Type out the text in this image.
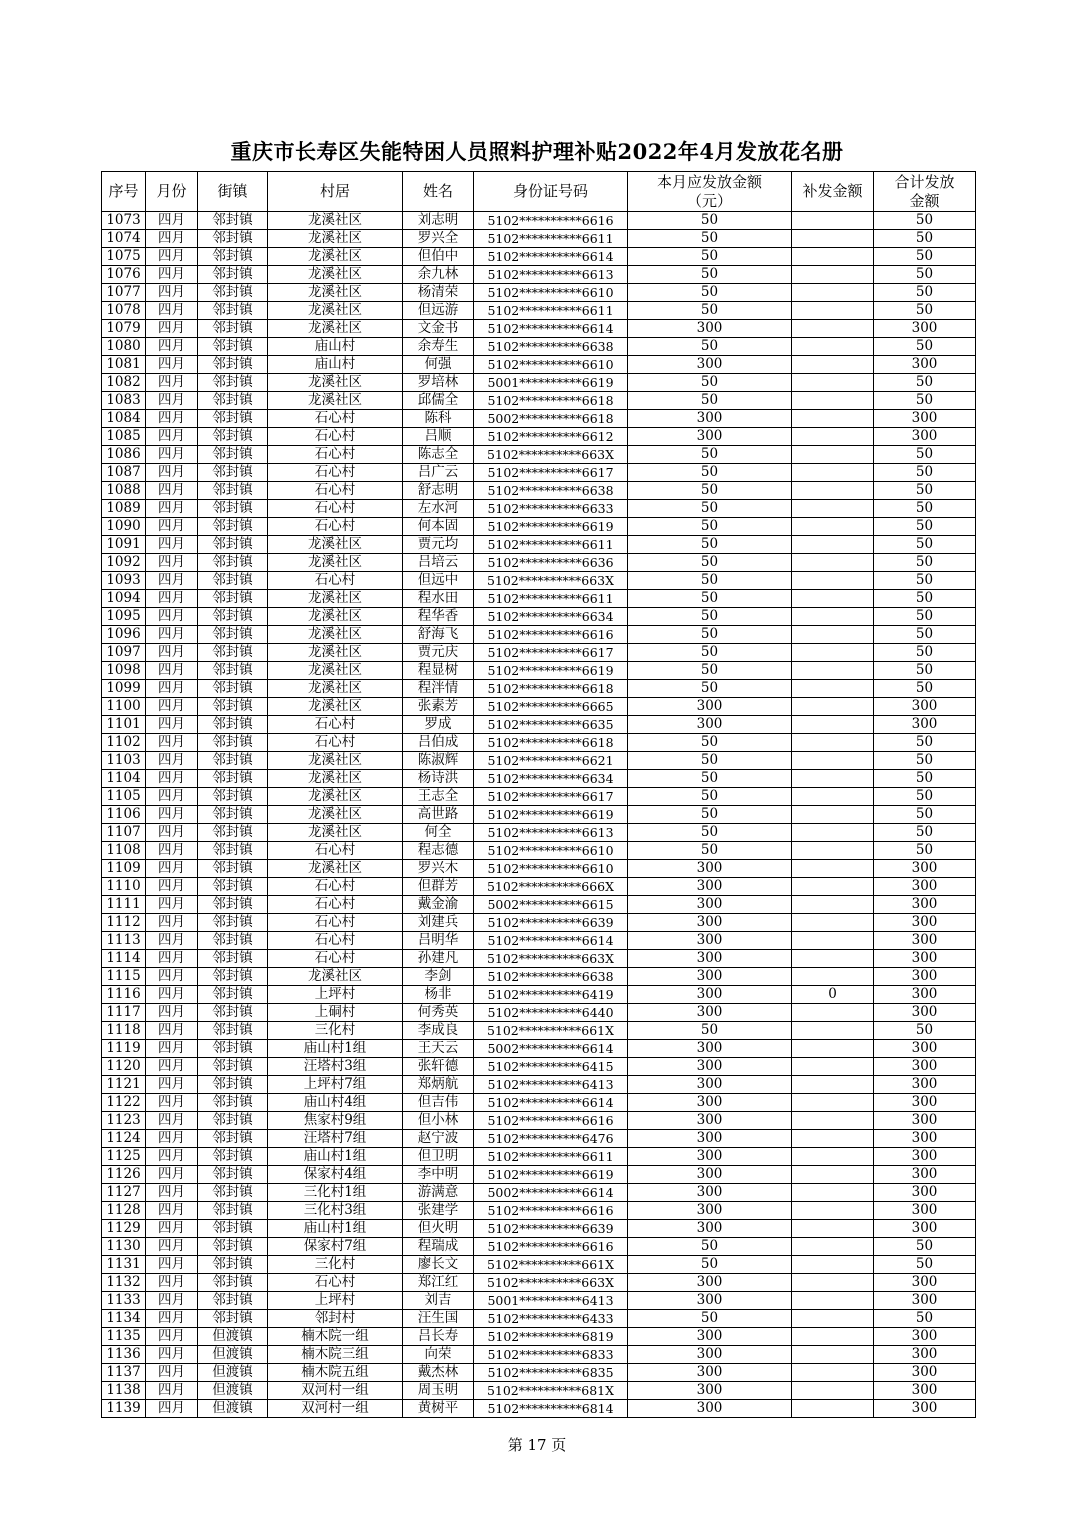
重庆市长寿区失能特困人员照料护理补贴2022年4月发放花名册
序号	月份	街镇	村居	姓名	身份证号码	本月应发放金额（元）	补发金额	合计发放金额
1073	四月	邻封镇	龙溪社区	刘志明	5102**********6616	50		50
1074	四月	邻封镇	龙溪社区	罗兴全	5102**********6611	50		50
1075	四月	邻封镇	龙溪社区	但伯中	5102**********6614	50		50
1076	四月	邻封镇	龙溪社区	余九林	5102**********6613	50		50
1077	四月	邻封镇	龙溪社区	杨清荣	5102**********6610	50		50
1078	四月	邻封镇	龙溪社区	但远游	5102**********6611	50		50
1079	四月	邻封镇	龙溪社区	文金书	5102**********6614	300		300
1080	四月	邻封镇	庙山村	余寿生	5102**********6638	50		50
1081	四月	邻封镇	庙山村	何强	5102**********6610	300		300
1082	四月	邻封镇	龙溪社区	罗培林	5001**********6619	50		50
1083	四月	邻封镇	龙溪社区	邱儒全	5102**********6618	50		50
1084	四月	邻封镇	石心村	陈科	5002**********6618	300		300
1085	四月	邻封镇	石心村	吕顺	5102**********6612	300		300
1086	四月	邻封镇	石心村	陈志全	5102**********663X	50		50
1087	四月	邻封镇	石心村	吕广云	5102**********6617	50		50
1088	四月	邻封镇	石心村	舒志明	5102**********6638	50		50
1089	四月	邻封镇	石心村	左水河	5102**********6633	50		50
1090	四月	邻封镇	石心村	何本固	5102**********6619	50		50
1091	四月	邻封镇	龙溪社区	贾元均	5102**********6611	50		50
1092	四月	邻封镇	龙溪社区	吕培云	5102**********6636	50		50
1093	四月	邻封镇	石心村	但远中	5102**********663X	50		50
1094	四月	邻封镇	龙溪社区	程水田	5102**********6611	50		50
1095	四月	邻封镇	龙溪社区	程华香	5102**********6634	50		50
1096	四月	邻封镇	龙溪社区	舒海飞	5102**********6616	50		50
1097	四月	邻封镇	龙溪社区	贾元庆	5102**********6617	50		50
1098	四月	邻封镇	龙溪社区	程显树	5102**********6619	50		50
1099	四月	邻封镇	龙溪社区	程泮情	5102**********6618	50		50
1100	四月	邻封镇	龙溪社区	张素芳	5102**********6665	300		300
1101	四月	邻封镇	石心村	罗成	5102**********6635	300		300
1102	四月	邻封镇	石心村	吕伯成	5102**********6618	50		50
1103	四月	邻封镇	龙溪社区	陈淑辉	5102**********6621	50		50
1104	四月	邻封镇	龙溪社区	杨诗洪	5102**********6634	50		50
1105	四月	邻封镇	龙溪社区	王志全	5102**********6617	50		50
1106	四月	邻封镇	龙溪社区	高世路	5102**********6619	50		50
1107	四月	邻封镇	龙溪社区	何全	5102**********6613	50		50
1108	四月	邻封镇	石心村	程志德	5102**********6610	50		50
1109	四月	邻封镇	龙溪社区	罗兴木	5102**********6610	300		300
1110	四月	邻封镇	石心村	但群芳	5102**********666X	300		300
1111	四月	邻封镇	石心村	戴金渝	5002**********6615	300		300
1112	四月	邻封镇	石心村	刘建兵	5102**********6639	300		300
1113	四月	邻封镇	石心村	吕明华	5102**********6614	300		300
1114	四月	邻封镇	石心村	孙建凡	5102**********663X	300		300
1115	四月	邻封镇	龙溪社区	李剑	5102**********6638	300		300
1116	四月	邻封镇	上坪村	杨非	5102**********6419	300	0	300
1117	四月	邻封镇	上硐村	何秀英	5102**********6440	300		300
1118	四月	邻封镇	三化村	李成良	5102**********661X	50		50
1119	四月	邻封镇	庙山村1组	王天云	5002**********6614	300		300
1120	四月	邻封镇	汪塔村3组	张轩德	5102**********6415	300		300
1121	四月	邻封镇	上坪村7组	郑炳航	5102**********6413	300		300
1122	四月	邻封镇	庙山村4组	但吉伟	5102**********6614	300		300
1123	四月	邻封镇	焦家村9组	但小林	5102**********6616	300		300
1124	四月	邻封镇	汪塔村7组	赵宁波	5102**********6476	300		300
1125	四月	邻封镇	庙山村1组	但卫明	5102**********6611	300		300
1126	四月	邻封镇	保家村4组	李中明	5102**********6619	300		300
1127	四月	邻封镇	三化村1组	游满意	5002**********6614	300		300
1128	四月	邻封镇	三化村3组	张建学	5102**********6616	300		300
1129	四月	邻封镇	庙山村1组	但火明	5102**********6639	300		300
1130	四月	邻封镇	保家村7组	程瑞成	5102**********6616	50		50
1131	四月	邻封镇	三化村	廖长文	5102**********661X	50		50
1132	四月	邻封镇	石心村	郑江红	5102**********663X	300		300
1133	四月	邻封镇	上坪村	刘吉	5001**********6413	300		300
1134	四月	邻封镇	邻封村	汪生国	5102**********6433	50		50
1135	四月	但渡镇	楠木院一组	吕长寿	5102**********6819	300		300
1136	四月	但渡镇	楠木院三组	向荣	5102**********6833	300		300
1137	四月	但渡镇	楠木院五组	戴杰林	5102**********6835	300		300
1138	四月	但渡镇	双河村一组	周玉明	5102**********681X	300		300
1139	四月	但渡镇	双河村一组	黄树平	5102**********6814	300		300
第 17 页
